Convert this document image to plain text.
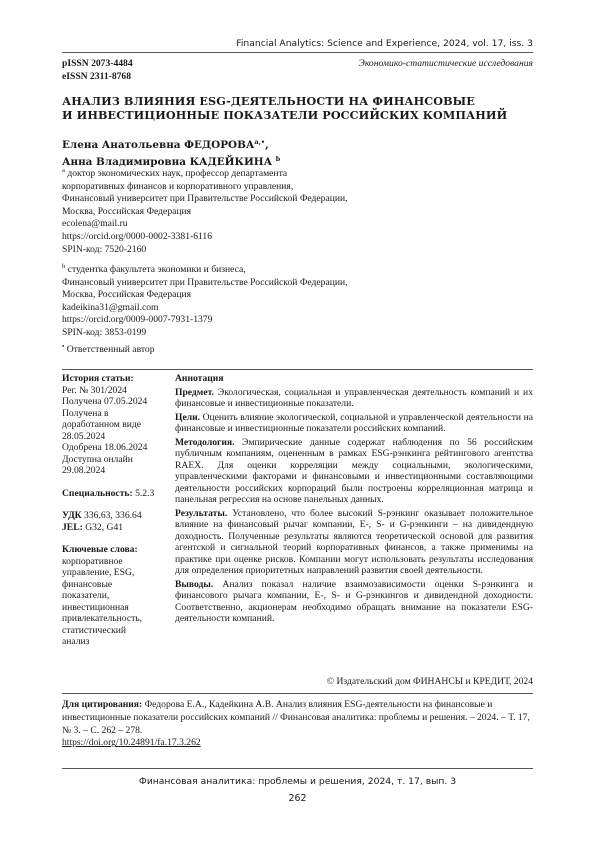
Financial Analytics: Science and Experience, 2024, vol. 17, iss. 3
pISSN 2073-4484
eISSN 2311-8768
Экономико-статистические исследования
АНАЛИЗ ВЛИЯНИЯ ESG-ДЕЯТЕЛЬНОСТИ НА ФИНАНСОВЫЕ
И ИНВЕСТИЦИОННЫЕ ПОКАЗАТЕЛИ РОССИЙСКИХ КОМПАНИЙ
Елена Анатольевна $ФЕДОРОВА^{a,•}$,
Анна Владимировна КАДЕЙКИНА $^b$
$^a$ доктор экономических наук, профессор департамента
корпоративных финансов и корпоративного управления,
Финансовый университет при Правительстве Российской Федерации,
Москва, Российская Федерация
ecolena@mail.ru
https://orcid.org/0000-0002-3381-6116
SPIN-код: 7520-2160
$^b$ студентка факультета экономики и бизнеса,
Финансовый университет при Правительстве Российской Федерации,
Москва, Российская Федерация
kadeikina31@gmail.com
https://orcid.org/0009-0007-7931-1379
SPIN-код: 3853-0199
• Ответственный автор
История статьи:
Рег. № 301/2024
Получена 07.05.2024
Получена в
доработанном виде
28.05.2024
Одобрена 18.06.2024
Доступна онлайн
29.08.2024
Специальность: 5.2.3
УДК 336.63, 336.64
JEL: G32, G41
Ключевые слова:
корпоративное
управление, ESG,
финансовые
показатели,
инвестиционная
привлекательность,
статистический
анализ

Аннотация

Предмет. Экологическая, социальная и управленческая деятельность компаний и их финансовые и инвестиционные показатели.

Цели. Оценить влияние экологической, социальной и управленческой деятельности на финансовые и инвестиционные показатели российских компаний.

Методология. Эмпирические данные содержат наблюдения по 56 российским публичным компаниям, оцененным в рамках ESG-рэнкинга рейтингового агентства RAEX. Для оценки корреляции между социальными, экологическими, управленческими факторами и финансовыми и инвестиционными составляющими деятельности российских корпораций были построены корреляционная матрица и панельная регрессия на основе панельных данных.

Результаты. Установлено, что более высокий S-рэнкинг оказывает положительное влияние на финансовый рычаг компании, E-, S- и G-рэнкинги – на дивидендную доходность. Полученные результаты являются теоретической основой для развития агентской и сигнальной теорий корпоративных финансов, а также применимы на практике при оценке рисков. Компании могут использовать результаты исследования для определения приоритетных направлений развития своей деятельности.

Выводы. Анализ показал наличие взаимозависимости оценки S-рэнкинга и финансового рычага компании, E-, S- и G-рэнкингов и дивидендной доходности. Соответственно, акционерам необходимо обращать внимание на показатели ESG-деятельности компаний.

© Издательский дом ФИНАНСЫ и КРЕДИТ, 2024
Для цитирования: Федорова Е.А., Кадейкина А.В. Анализ влияния ESG-деятельности на финансовые и инвестиционные показатели российских компаний // Финансовая аналитика: проблемы и решения. – 2024. – Т. 17, № 3. – С. 262 – 278.
https://doi.org/10.24891/fa.17.3.262
Финансовая аналитика: проблемы и решения, 2024, т. 17, вып. 3
262
